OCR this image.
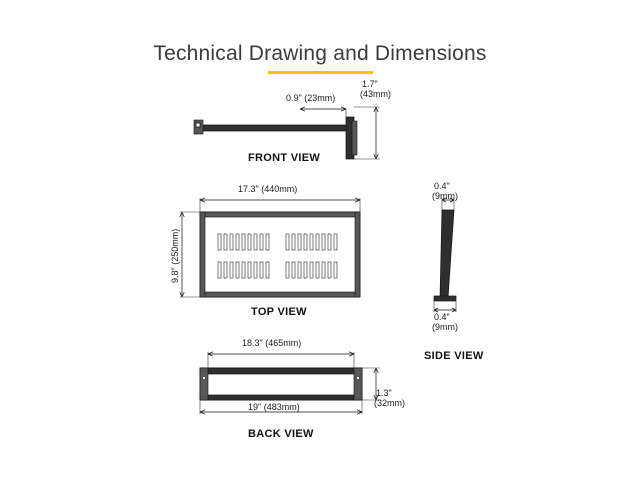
Technical Drawing and Dimensions
0.9" (23mm)
1.7"
(43mm)
FRONT VIEW
17.3" (440mm)
9.8" (250mm)
TOP VIEW
0.4"
(9mm)
0.4"
(9mm)
SIDE VIEW
18.3" (465mm)
19" (483mm)
1.3"
(32mm)
BACK VIEW
